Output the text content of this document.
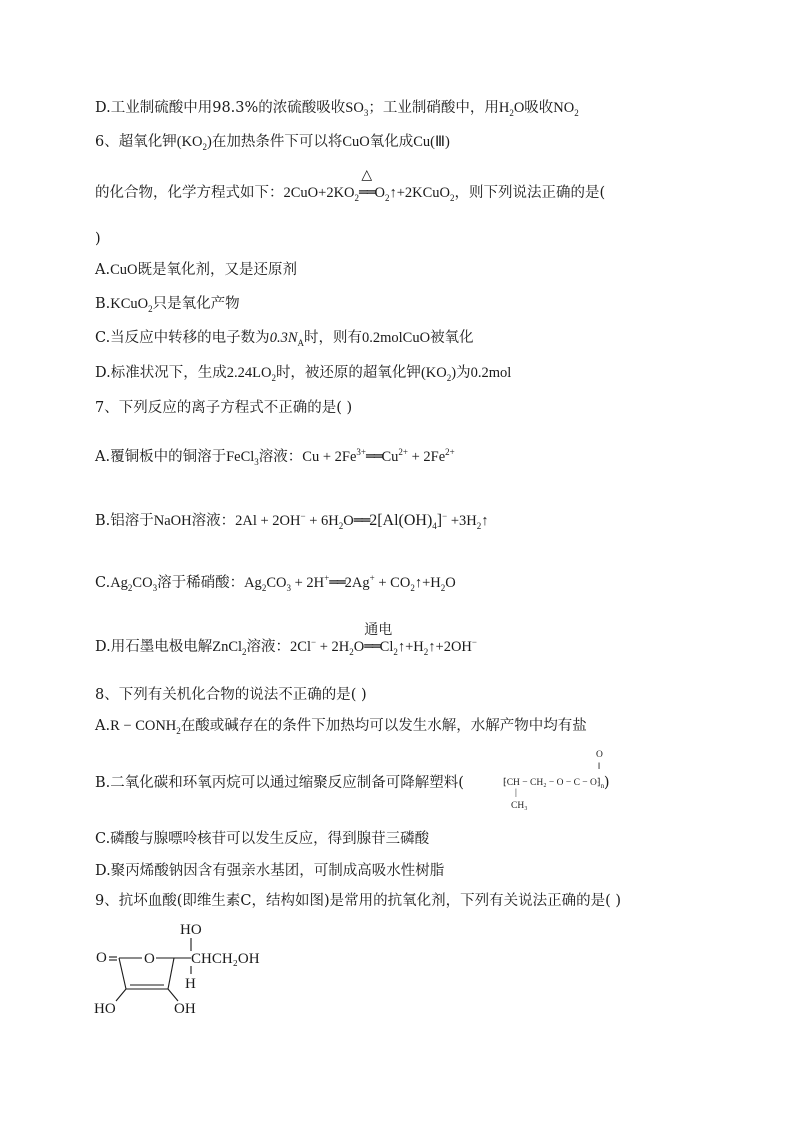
D.工业制硫酸中用98.3%的浓硫酸吸收$SO_3$；工业制硝酸中，用$H_2O$吸收$NO_2$
6、超氧化钾$(KO_2)$在加热条件下可以将CuO氧化成Cu(Ⅲ)
的化合物，化学方程式如下：$2CuO+2KO_2$
△
$══O_2↑+2KCuO_2$，则下列说法正确的是(
)
A.CuO既是氧化剂，又是还原剂
B.KCuO$_2$只是氧化产物
C.当反应中转移的电子数为$0.3N_A$时，则有0.2molCuO被氧化
D.标准状况下，生成$2.24LO_2$时，被还原的超氧化钾$(KO_2)$为0.2mol
7、下列反应的离子方程式不正确的是( )
A.覆铜板中的铜溶于FeCl$_3$溶液：$Cu + 2Fe^{3+}══Cu^{2+} + 2Fe^{2+}$
B.铝溶于NaOH溶液：$2Al + 2OH^- + 6H_2O══2[Al(OH)_4]^-$ $+3H_2↑$
$C.Ag_2CO_3$溶于稀硝酸：$Ag_2CO_3$ + 2H+══2Ag+ + $CO_2↑+H_2O$
D.用石墨电极电解ZnCl$_2$溶液：$2Cl^- + 2H_2O$
通电
$══Cl_2↑+H_2↑+2OH^-$
8、下列有关机化合物的说法不正确的是( )
$A.R - CONH_2$在酸或碱存在的条件下加热均可以发生水解，水解产物中均有盐
B.二氧化碳和环氧丙烷可以通过缩聚反应制备可降解塑料(	)
O
‖
⁅CH − $CH_2 - O - C - O⁆_n$
|
CH₃
C.磷酸与腺嘌呤核苷可以发生反应，得到腺苷三磷酸
D.聚丙烯酸钠因含有强亲水基团，可制成高吸水性树脂
9、抗坏血酸(即维生素C，结构如图)是常用的抗氧化剂，下列有关说法正确的是( )
HO
O O CHCH₂OH
H
HO	OH
